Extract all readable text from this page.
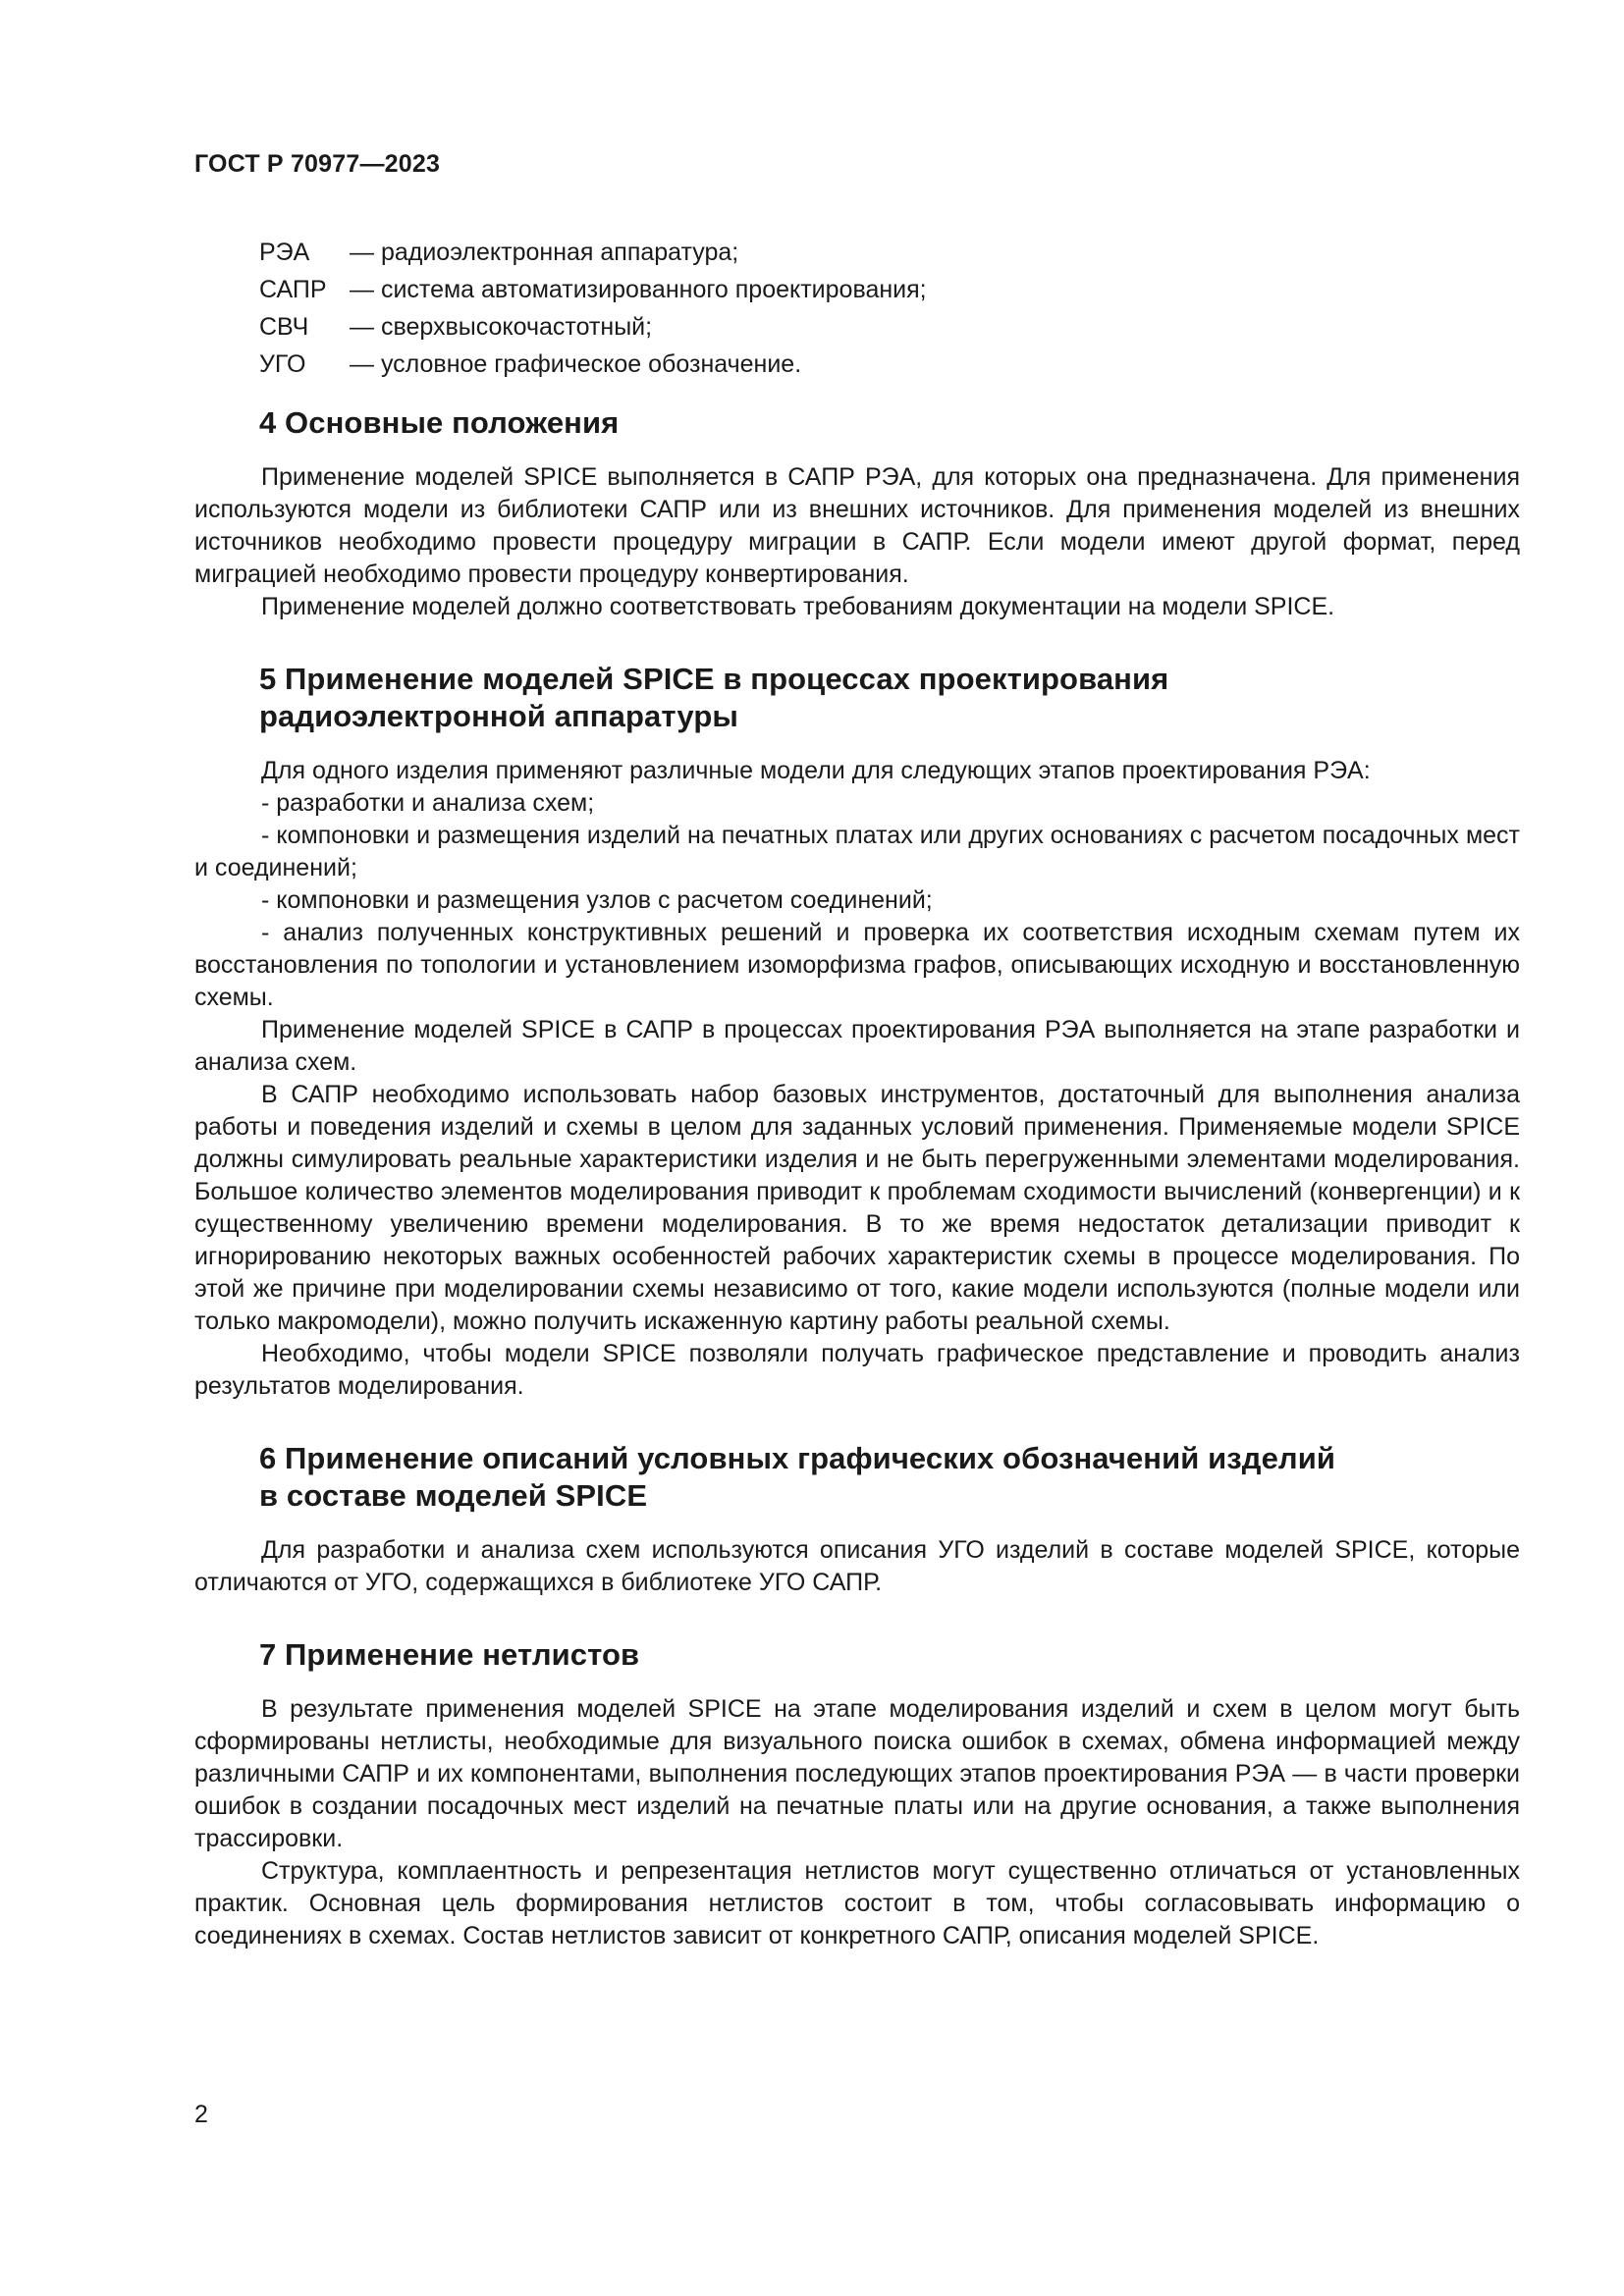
ГОСТ Р 70977—2023
РЭА	— радиоэлектронная аппаратура;
САПР — система автоматизированного проектирования;
СВЧ	— сверхвысокочастотный;
УГО	— условное графическое обозначение.
4 Основные положения

Применение моделей SPICE выполняется в САПР РЭА, для которых она предназначена. Для применения используются модели из библиотеки САПР или из внешних источников. Для применения моделей из внешних источников необходимо провести процедуру миграции в САПР. Если модели имеют другой формат, перед миграцией необходимо провести процедуру конвертирования.

Применение моделей должно соответствовать требованиям документации на модели SPICE.

5 Применение моделей SPICE в процессах проектирования
радиоэлектронной аппаратуры

Для одного изделия применяют различные модели для следующих этапов проектирования РЭА:

- разработки и анализа схем;
- компоновки и размещения изделий на печатных платах или других основаниях с расчетом посадочных мест и соединений;
- компоновки и размещения узлов с расчетом соединений;
- анализ полученных конструктивных решений и проверка их соответствия исходным схемам путем их восстановления по топологии и установлением изоморфизма графов, описывающих исходную и восстановленную схемы.

Применение моделей SPICE в САПР в процессах проектирования РЭА выполняется на этапе разработки и анализа схем.

В САПР необходимо использовать набор базовых инструментов, достаточный для выполнения анализа работы и поведения изделий и схемы в целом для заданных условий применения. Применяемые модели SPICE должны симулировать реальные характеристики изделия и не быть перегруженными элементами моделирования. Большое количество элементов моделирования приводит к проблемам сходимости вычислений (конвергенции) и к существенному увеличению времени моделирования. В то же время недостаток детализации приводит к игнорированию некоторых важных особенностей рабочих характеристик схемы в процессе моделирования. По этой же причине при моделировании схемы независимо от того, какие модели используются (полные модели или только макромодели), можно получить искаженную картину работы реальной схемы.

Необходимо, чтобы модели SPICE позволяли получать графическое представление и проводить анализ результатов моделирования.

6 Применение описаний условных графических обозначений изделий
в составе моделей SPICE

Для разработки и анализа схем используются описания УГО изделий в составе моделей SPICE, которые отличаются от УГО, содержащихся в библиотеке УГО САПР.

7 Применение нетлистов

В результате применения моделей SPICE на этапе моделирования изделий и схем в целом могут быть сформированы нетлисты, необходимые для визуального поиска ошибок в схемах, обмена информацией между различными САПР и их компонентами, выполнения последующих этапов проектирования РЭА — в части проверки ошибок в создании посадочных мест изделий на печатные платы или на другие основания, а также выполнения трассировки.

Структура, комплаентность и репрезентация нетлистов могут существенно отличаться от установленных практик. Основная цель формирования нетлистов состоит в том, чтобы согласовывать информацию о соединениях в схемах. Состав нетлистов зависит от конкретного САПР, описания моделей SPICE.

2
